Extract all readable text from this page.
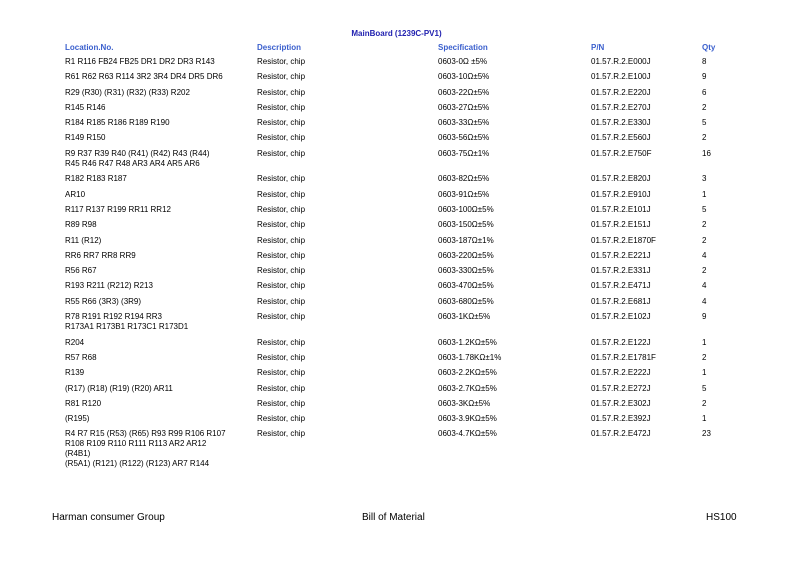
MainBoard (1239C-PV1)
Location.No.	Description	Specification	P/N	Qty
R1 R116 FB24 FB25 DR1 DR2 DR3 R143	Resistor, chip	0603-0Ω ±5%	01.57.R.2.E000J	8
R61 R62 R63 R114 3R2 3R4 DR4 DR5 DR6	Resistor, chip	0603-10Ω±5%	01.57.R.2.E100J	9
R29 (R30) (R31) (R32) (R33) R202	Resistor, chip	0603-22Ω±5%	01.57.R.2.E220J	6
R145 R146	Resistor, chip	0603-27Ω±5%	01.57.R.2.E270J	2
R184 R185 R186 R189 R190	Resistor, chip	0603-33Ω±5%	01.57.R.2.E330J	5
R149 R150	Resistor, chip	0603-56Ω±5%	01.57.R.2.E560J	2
R9 R37 R39 R40 (R41) (R42) R43 (R44)
R45 R46 R47 R48 AR3 AR4 AR5 AR6
Resistor, chip	0603-75Ω±1%	01.57.R.2.E750F	16
R182 R183 R187	Resistor, chip	0603-82Ω±5%	01.57.R.2.E820J	3
AR10	Resistor, chip	0603-91Ω±5%	01.57.R.2.E910J	1
R117 R137 R199 RR11 RR12	Resistor, chip	0603-100Ω±5%	01.57.R.2.E101J	5
R89 R98	Resistor, chip	0603-150Ω±5%	01.57.R.2.E151J	2
R11 (R12)	Resistor, chip	0603-187Ω±1%	01.57.R.2.E1870F	2
RR6 RR7 RR8 RR9	Resistor, chip	0603-220Ω±5%	01.57.R.2.E221J	4
R56 R67	Resistor, chip	0603-330Ω±5%	01.57.R.2.E331J	2
R193 R211 (R212) R213	Resistor, chip	0603-470Ω±5%	01.57.R.2.E471J	4
R55 R66 (3R3) (3R9)	Resistor, chip	0603-680Ω±5%	01.57.R.2.E681J	4
R78 R191 R192 R194 RR3
R173A1 R173B1 R173C1 R173D1
Resistor, chip	0603-1KΩ±5%	01.57.R.2.E102J	9
R204	Resistor, chip	0603-1.2KΩ±5%	01.57.R.2.E122J	1
R57 R68	Resistor, chip	0603-1.78KΩ±1%	01.57.R.2.E1781F	2
R139	Resistor, chip	0603-2.2KΩ±5%	01.57.R.2.E222J	1
(R17) (R18) (R19) (R20) AR11	Resistor, chip	0603-2.7KΩ±5%	01.57.R.2.E272J	5
R81 R120	Resistor, chip	0603-3KΩ±5%	01.57.R.2.E302J	2
(R195)	Resistor, chip	0603-3.9KΩ±5%	01.57.R.2.E392J	1
R4 R7 R15 (R53) (R65) R93 R99 R106 R107
R108 R109 R110 R111 R113 AR2 AR12
(R4B1)
(R5A1) (R121) (R122) (R123) AR7 R144
Resistor, chip	0603-4.7KΩ±5%	01.57.R.2.E472J	23
Harman consumer Group	Bill of Material	HS100
